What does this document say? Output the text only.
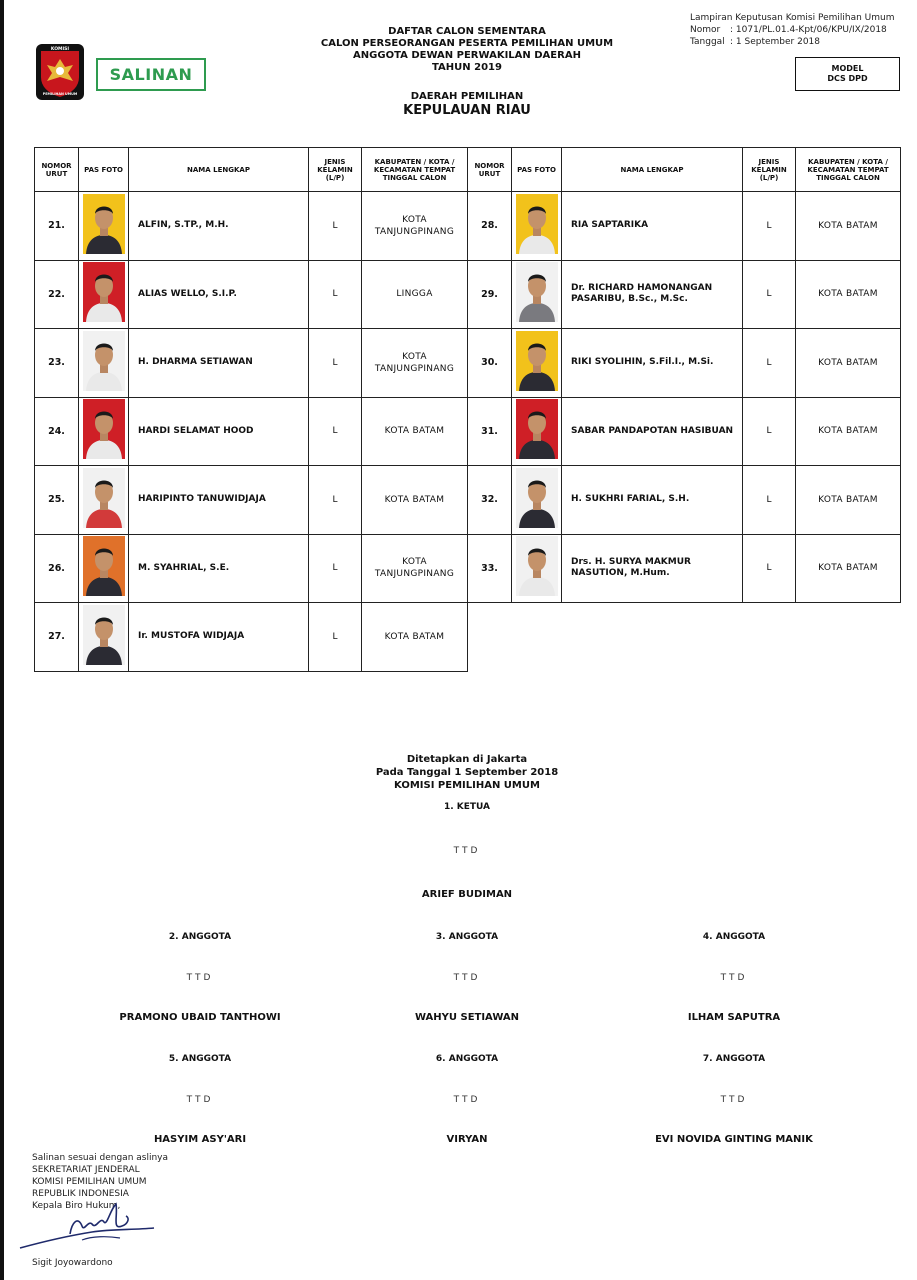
KOMISI
PEMILIHAN UMUM
SALINAN
DAFTAR CALON SEMENTARA
CALON PERSEORANGAN PESERTA PEMILIHAN UMUM
ANGGOTA DEWAN PERWAKILAN DAERAH
TAHUN 2019
DAERAH PEMILIHAN
KEPULAUAN RIAU
Lampiran Keputusan Komisi Pemilihan Umum
Nomor	: 1071/PL.01.4-Kpt/06/KPU/IX/2018
Tanggal : 1 September 2018
MODEL
DCS DPD
NOMOR URUT	PAS FOTO	NAMA LENGKAP	JENIS KELAMIN (L/P)	KABUPATEN / KOTA / KECAMATAN TEMPAT TINGGAL CALON	NOMOR URUT	PAS FOTO	NAMA LENGKAP	JENIS KELAMIN (L/P)	KABUPATEN / KOTA / KECAMATAN TEMPAT TINGGAL CALON
21.		ALFIN, S.TP., M.H.	L	KOTA TANJUNGPINANG	28.		RIA SAPTARIKA	L	KOTA BATAM
22.		ALIAS WELLO, S.I.P.	L	LINGGA	29.		Dr. RICHARD HAMONANGAN PASARIBU, B.Sc., M.Sc.	L	KOTA BATAM
23.		H. DHARMA SETIAWAN	L	KOTA TANJUNGPINANG	30.		RIKI SYOLIHIN, S.Fil.I., M.Si.	L	KOTA BATAM
24.		HARDI SELAMAT HOOD	L	KOTA BATAM	31.		SABAR PANDAPOTAN HASIBUAN	L	KOTA BATAM
25.		HARIPINTO TANUWIDJAJA	L	KOTA BATAM	32.		H. SUKHRI FARIAL, S.H.	L	KOTA BATAM
26.		M. SYAHRIAL, S.E.	L	KOTA TANJUNGPINANG	33.		Drs. H. SURYA MAKMUR NASUTION, M.Hum.	L	KOTA BATAM
27.		Ir. MUSTOFA WIDJAJA	L	KOTA BATAM					
Ditetapkan di Jakarta
Pada Tanggal 1 September 2018
KOMISI PEMILIHAN UMUM
1. KETUA
TTD
ARIEF BUDIMAN
2. ANGGOTA	3. ANGGOTA	4. ANGGOTA
TTD	TTD	TTD
PRAMONO UBAID TANTHOWI	WAHYU SETIAWAN	ILHAM SAPUTRA
5. ANGGOTA	6. ANGGOTA	7. ANGGOTA
TTD	TTD	TTD
HASYIM ASY'ARI	VIRYAN	EVI NOVIDA GINTING MANIK
Salinan sesuai dengan aslinya
SEKRETARIAT JENDERAL
KOMISI PEMILIHAN UMUM
REPUBLIK INDONESIA
Kepala Biro Hukum,
Sigit Joyowardono
